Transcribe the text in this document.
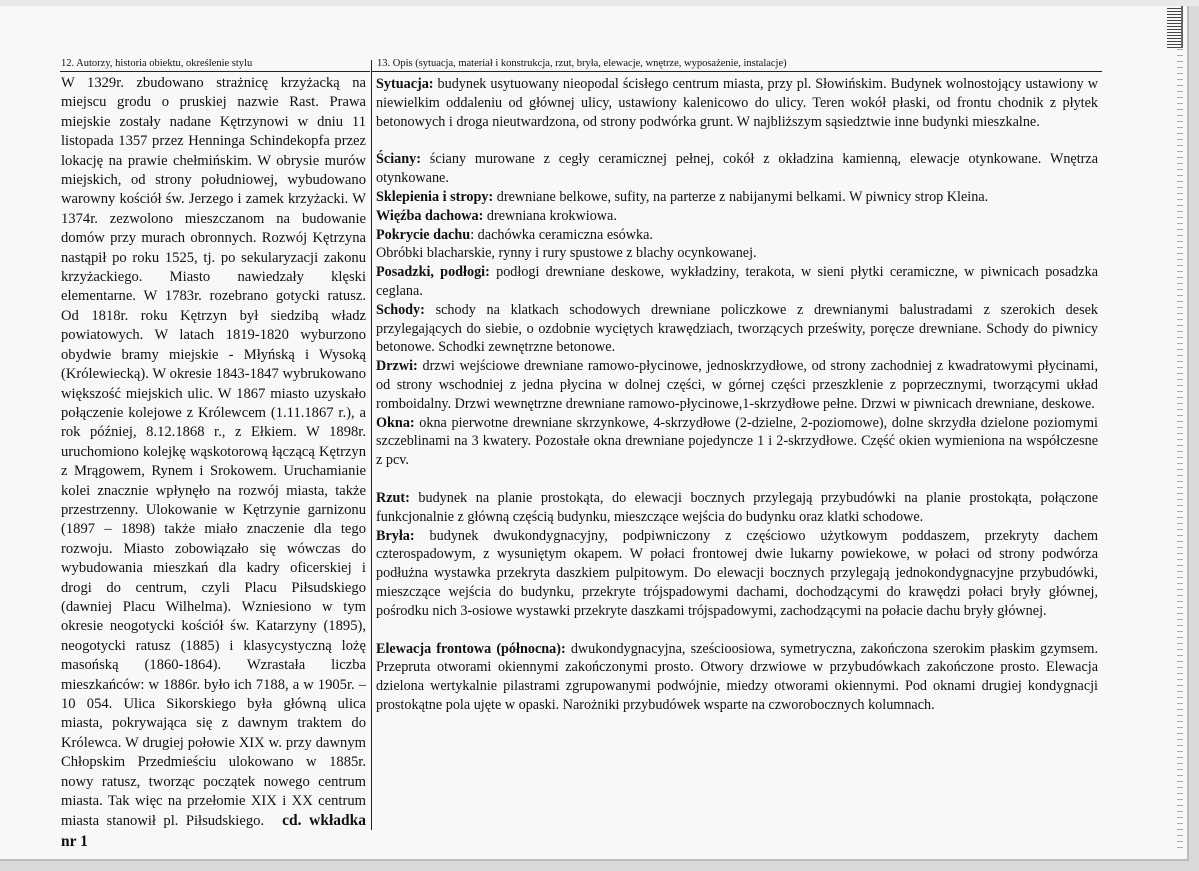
12. Autorzy, historia obiektu, określenie stylu	13. Opis (sytuacja, materiał i konstrukcja, rzut, bryła, elewacje, wnętrze, wyposażenie, instalacje)

W 1329r. zbudowano strażnicę krzyżacką na miejscu grodu o pruskiej nazwie Rast. Prawa miejskie zostały nadane Kętrzynowi w dniu 11 listopada 1357 przez Henninga Schindekopfa przez lokację na prawie chełmińskim. W obrysie murów miejskich, od strony południowej, wybudowano warowny kościół św. Jerzego i zamek krzyżacki. W 1374r. zezwolono mieszczanom na budowanie domów przy murach obronnych. Rozwój Kętrzyna nastąpił po roku 1525, tj. po sekularyzacji zakonu krzyżackiego. Miasto nawiedzały klęski elementarne. W 1783r. rozebrano gotycki ratusz. Od 1818r. roku Kętrzyn był siedzibą władz powiatowych. W latach 1819-1820 wyburzono obydwie bramy miejskie - Młyńską i Wysoką (Królewiecką). W okresie 1843-1847 wybrukowano większość miejskich ulic. W 1867 miasto uzyskało połączenie kolejowe z Królewcem (1.11.1867 r.), a rok później, 8.12.1868 r., z Ełkiem. W 1898r. uruchomiono kolejkę wąskotorową łączącą Kętrzyn z Mrągowem, Rynem i Srokowem. Uruchamianie kolei znacznie wpłynęło na rozwój miasta, także przestrzenny. Ulokowanie w Kętrzynie garnizonu (1897 – 1898) także miało znaczenie dla tego rozwoju. Miasto zobowiązało się wówczas do wybudowania mieszkań dla kadry oficerskiej i drogi do centrum, czyli Placu Piłsudskiego (dawniej Placu Wilhelma). Wzniesiono w tym okresie neogotycki kościół św. Katarzyny (1895), neogotycki ratusz (1885) i klasycystyczną lożę masońską (1860-1864). Wzrastała liczba mieszkańców: w 1886r. było ich 7188, a w 1905r. – 10 054. Ulica Sikorskiego była główną ulica miasta, pokrywająca się z dawnym traktem do Królewca. W drugiej połowie XIX w. przy dawnym Chłopskim Przedmieściu ulokowano w 1885r. nowy ratusz, tworząc początek nowego centrum miasta. Tak więc na przełomie XIX i XX centrum miasta stanowił pl. Piłsudskiego. cd. wkładka nr 1

Sytuacja: budynek usytuowany nieopodal ścisłego centrum miasta, przy pl. Słowińskim. Budynek wolnostojący ustawiony w niewielkim oddaleniu od głównej ulicy, ustawiony kalenicowo do ulicy. Teren wokół płaski, od frontu chodnik z płytek betonowych i droga nieutwardzona, od strony podwórka grunt. W najbliższym sąsiedztwie inne budynki mieszkalne.

Ściany: ściany murowane z cegły ceramicznej pełnej, cokół z okładzina kamienną, elewacje otynkowane. Wnętrza otynkowane.

Sklepienia i stropy: drewniane belkowe, sufity, na parterze z nabijanymi belkami. W piwnicy strop Kleina.

Więźba dachowa: drewniana krokwiowa.

Pokrycie dachu: dachówka ceramiczna esówka.

Obróbki blacharskie, rynny i rury spustowe z blachy ocynkowanej.

Posadzki, podłogi: podłogi drewniane deskowe, wykładziny, terakota, w sieni płytki ceramiczne, w piwnicach posadzka ceglana.

Schody: schody na klatkach schodowych drewniane policzkowe z drewnianymi balustradami z szerokich desek przylegających do siebie, o ozdobnie wyciętych krawędziach, tworzących prześwity, poręcze drewniane. Schody do piwnicy betonowe. Schodki zewnętrzne betonowe.

Drzwi: drzwi wejściowe drewniane ramowo-płycinowe, jednoskrzydłowe, od strony zachodniej z kwadratowymi płycinami, od strony wschodniej z jedna płycina w dolnej części, w górnej części przeszklenie z poprzecznymi, tworzącymi układ romboidalny. Drzwi wewnętrzne drewniane ramowo-płycinowe,1-skrzydłowe pełne. Drzwi w piwnicach drewniane, deskowe.

Okna: okna pierwotne drewniane skrzynkowe, 4-skrzydłowe (2-dzielne, 2-poziomowe), dolne skrzydła dzielone poziomymi szczeblinami na 3 kwatery. Pozostałe okna drewniane pojedyncze 1 i 2-skrzydłowe. Część okien wymieniona na współczesne z pcv.

Rzut: budynek na planie prostokąta, do elewacji bocznych przylegają przybudówki na planie prostokąta, połączone funkcjonalnie z główną częścią budynku, mieszczące wejścia do budynku oraz klatki schodowe.

Bryła: budynek dwukondygnacyjny, podpiwniczony z częściowo użytkowym poddaszem, przekryty dachem czterospadowym, z wysuniętym okapem. W połaci frontowej dwie lukarny powiekowe, w połaci od strony podwórza podłużna wystawka przekryta daszkiem pulpitowym. Do elewacji bocznych przylegają jednokondygnacyjne przybudówki, mieszczące wejścia do budynku, przekryte trójspadowymi dachami, dochodzącymi do krawędzi połaci bryły głównej, pośrodku nich 3-osiowe wystawki przekryte daszkami trójspadowymi, zachodzącymi na połacie dachu bryły głównej.

Elewacja frontowa (północna): dwukondygnacyjna, sześcioosiowa, symetryczna, zakończona szerokim płaskim gzymsem. Przepruta otworami okiennymi zakończonymi prosto. Otwory drzwiowe w przybudówkach zakończone prosto. Elewacja dzielona wertykalnie pilastrami zgrupowanymi podwójnie, miedzy otworami okiennymi. Pod oknami drugiej kondygnacji prostokątne pola ujęte w opaski. Narożniki przybudówek wsparte na czworobocznych kolumnach.
